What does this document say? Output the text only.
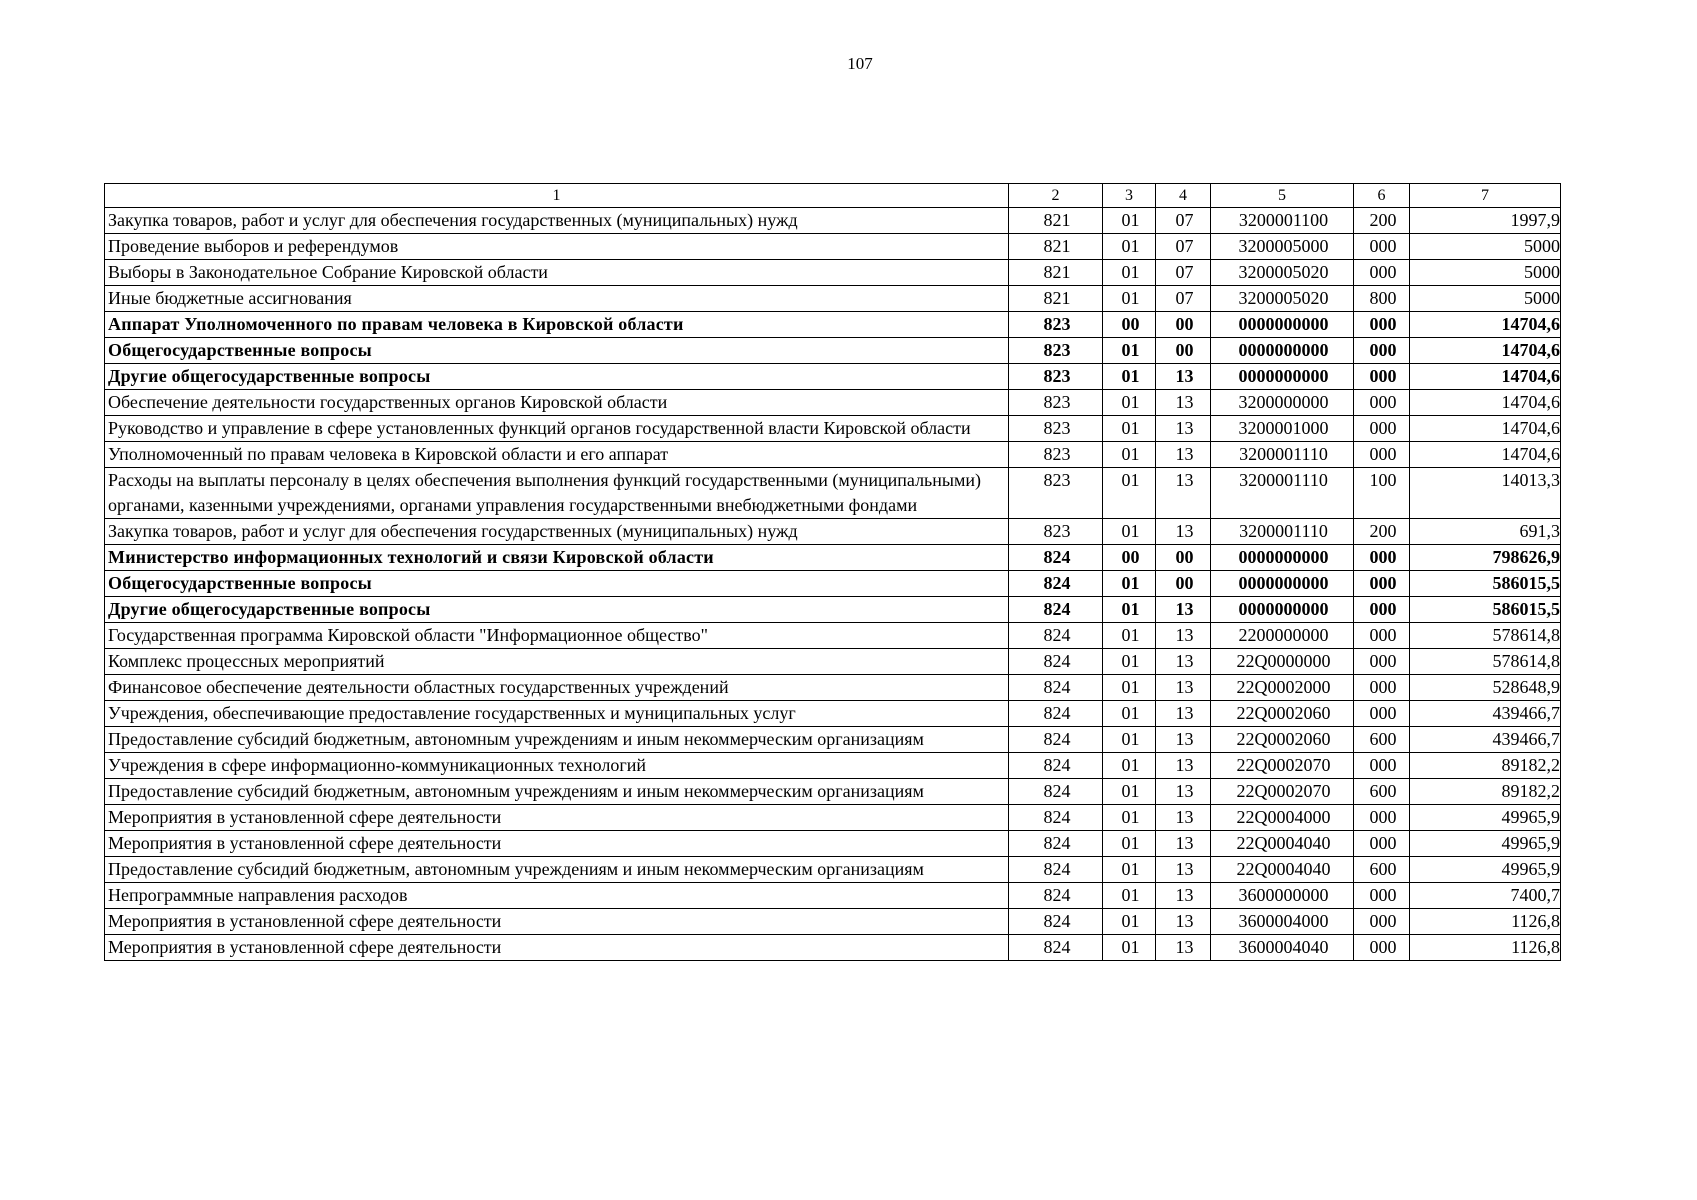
107
1	2	3	4	5	6	7
Закупка товаров, работ и услуг для обеспечения государственных (муниципальных) нужд	821	01	07	3200001100	200	1997,9
Проведение выборов и референдумов	821	01	07	3200005000	000	5000
Выборы в Законодательное Собрание Кировской области	821	01	07	3200005020	000	5000
Иные бюджетные ассигнования	821	01	07	3200005020	800	5000
Аппарат Уполномоченного по правам человека в Кировской области	823	00	00	0000000000	000	14704,6
Общегосударственные вопросы	823	01	00	0000000000	000	14704,6
Другие общегосударственные вопросы	823	01	13	0000000000	000	14704,6
Обеспечение деятельности государственных органов Кировской области	823	01	13	3200000000	000	14704,6
Руководство и управление в сфере установленных функций органов государственной власти Кировской области	823	01	13	3200001000	000	14704,6
Уполномоченный по правам человека в Кировской области и его аппарат	823	01	13	3200001110	000	14704,6
Расходы на выплаты персоналу в целях обеспечения выполнения функций государственными (муниципальными) органами, казенными учреждениями, органами управления государственными внебюджетными фондами	823	01	13	3200001110	100	14013,3
Закупка товаров, работ и услуг для обеспечения государственных (муниципальных) нужд	823	01	13	3200001110	200	691,3
Министерство информационных технологий и связи Кировской области	824	00	00	0000000000	000	798626,9
Общегосударственные вопросы	824	01	00	0000000000	000	586015,5
Другие общегосударственные вопросы	824	01	13	0000000000	000	586015,5
Государственная программа Кировской области "Информационное общество"	824	01	13	2200000000	000	578614,8
Комплекс процессных мероприятий	824	01	13	22Q0000000	000	578614,8
Финансовое обеспечение деятельности областных государственных учреждений	824	01	13	22Q0002000	000	528648,9
Учреждения, обеспечивающие предоставление государственных и муниципальных услуг	824	01	13	22Q0002060	000	439466,7
Предоставление субсидий бюджетным, автономным учреждениям и иным некоммерческим организациям	824	01	13	22Q0002060	600	439466,7
Учреждения в сфере информационно-коммуникационных технологий	824	01	13	22Q0002070	000	89182,2
Предоставление субсидий бюджетным, автономным учреждениям и иным некоммерческим организациям	824	01	13	22Q0002070	600	89182,2
Мероприятия в установленной сфере деятельности	824	01	13	22Q0004000	000	49965,9
Мероприятия в установленной сфере деятельности	824	01	13	22Q0004040	000	49965,9
Предоставление субсидий бюджетным, автономным учреждениям и иным некоммерческим организациям	824	01	13	22Q0004040	600	49965,9
Непрограммные направления расходов	824	01	13	3600000000	000	7400,7
Мероприятия в установленной сфере деятельности	824	01	13	3600004000	000	1126,8
Мероприятия в установленной сфере деятельности	824	01	13	3600004040	000	1126,8
